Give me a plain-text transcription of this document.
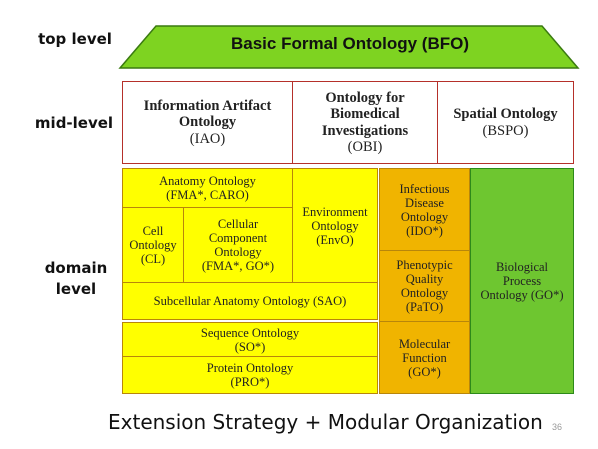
top level
mid-level
domain
level
Basic Formal Ontology (BFO)
Information Artifact
Ontology
(IAO)
Ontology for
Biomedical
Investigations
(OBI)
Spatial Ontology
(BSPO)
Anatomy Ontology
(FMA*, CARO)
Environment
Ontology
(EnvO)
Cell
Ontology
(CL)
Cellular
Component
Ontology
(FMA*, GO*)
Subcellular Anatomy Ontology (SAO)
Sequence Ontology
(SO*)
Protein Ontology
(PRO*)
Infectious
Disease
Ontology
(IDO*)
Phenotypic
Quality
Ontology
(PaTO)
Molecular
Function
(GO*)
Biological
Process
Ontology (GO*)
Extension Strategy + Modular Organization 36
